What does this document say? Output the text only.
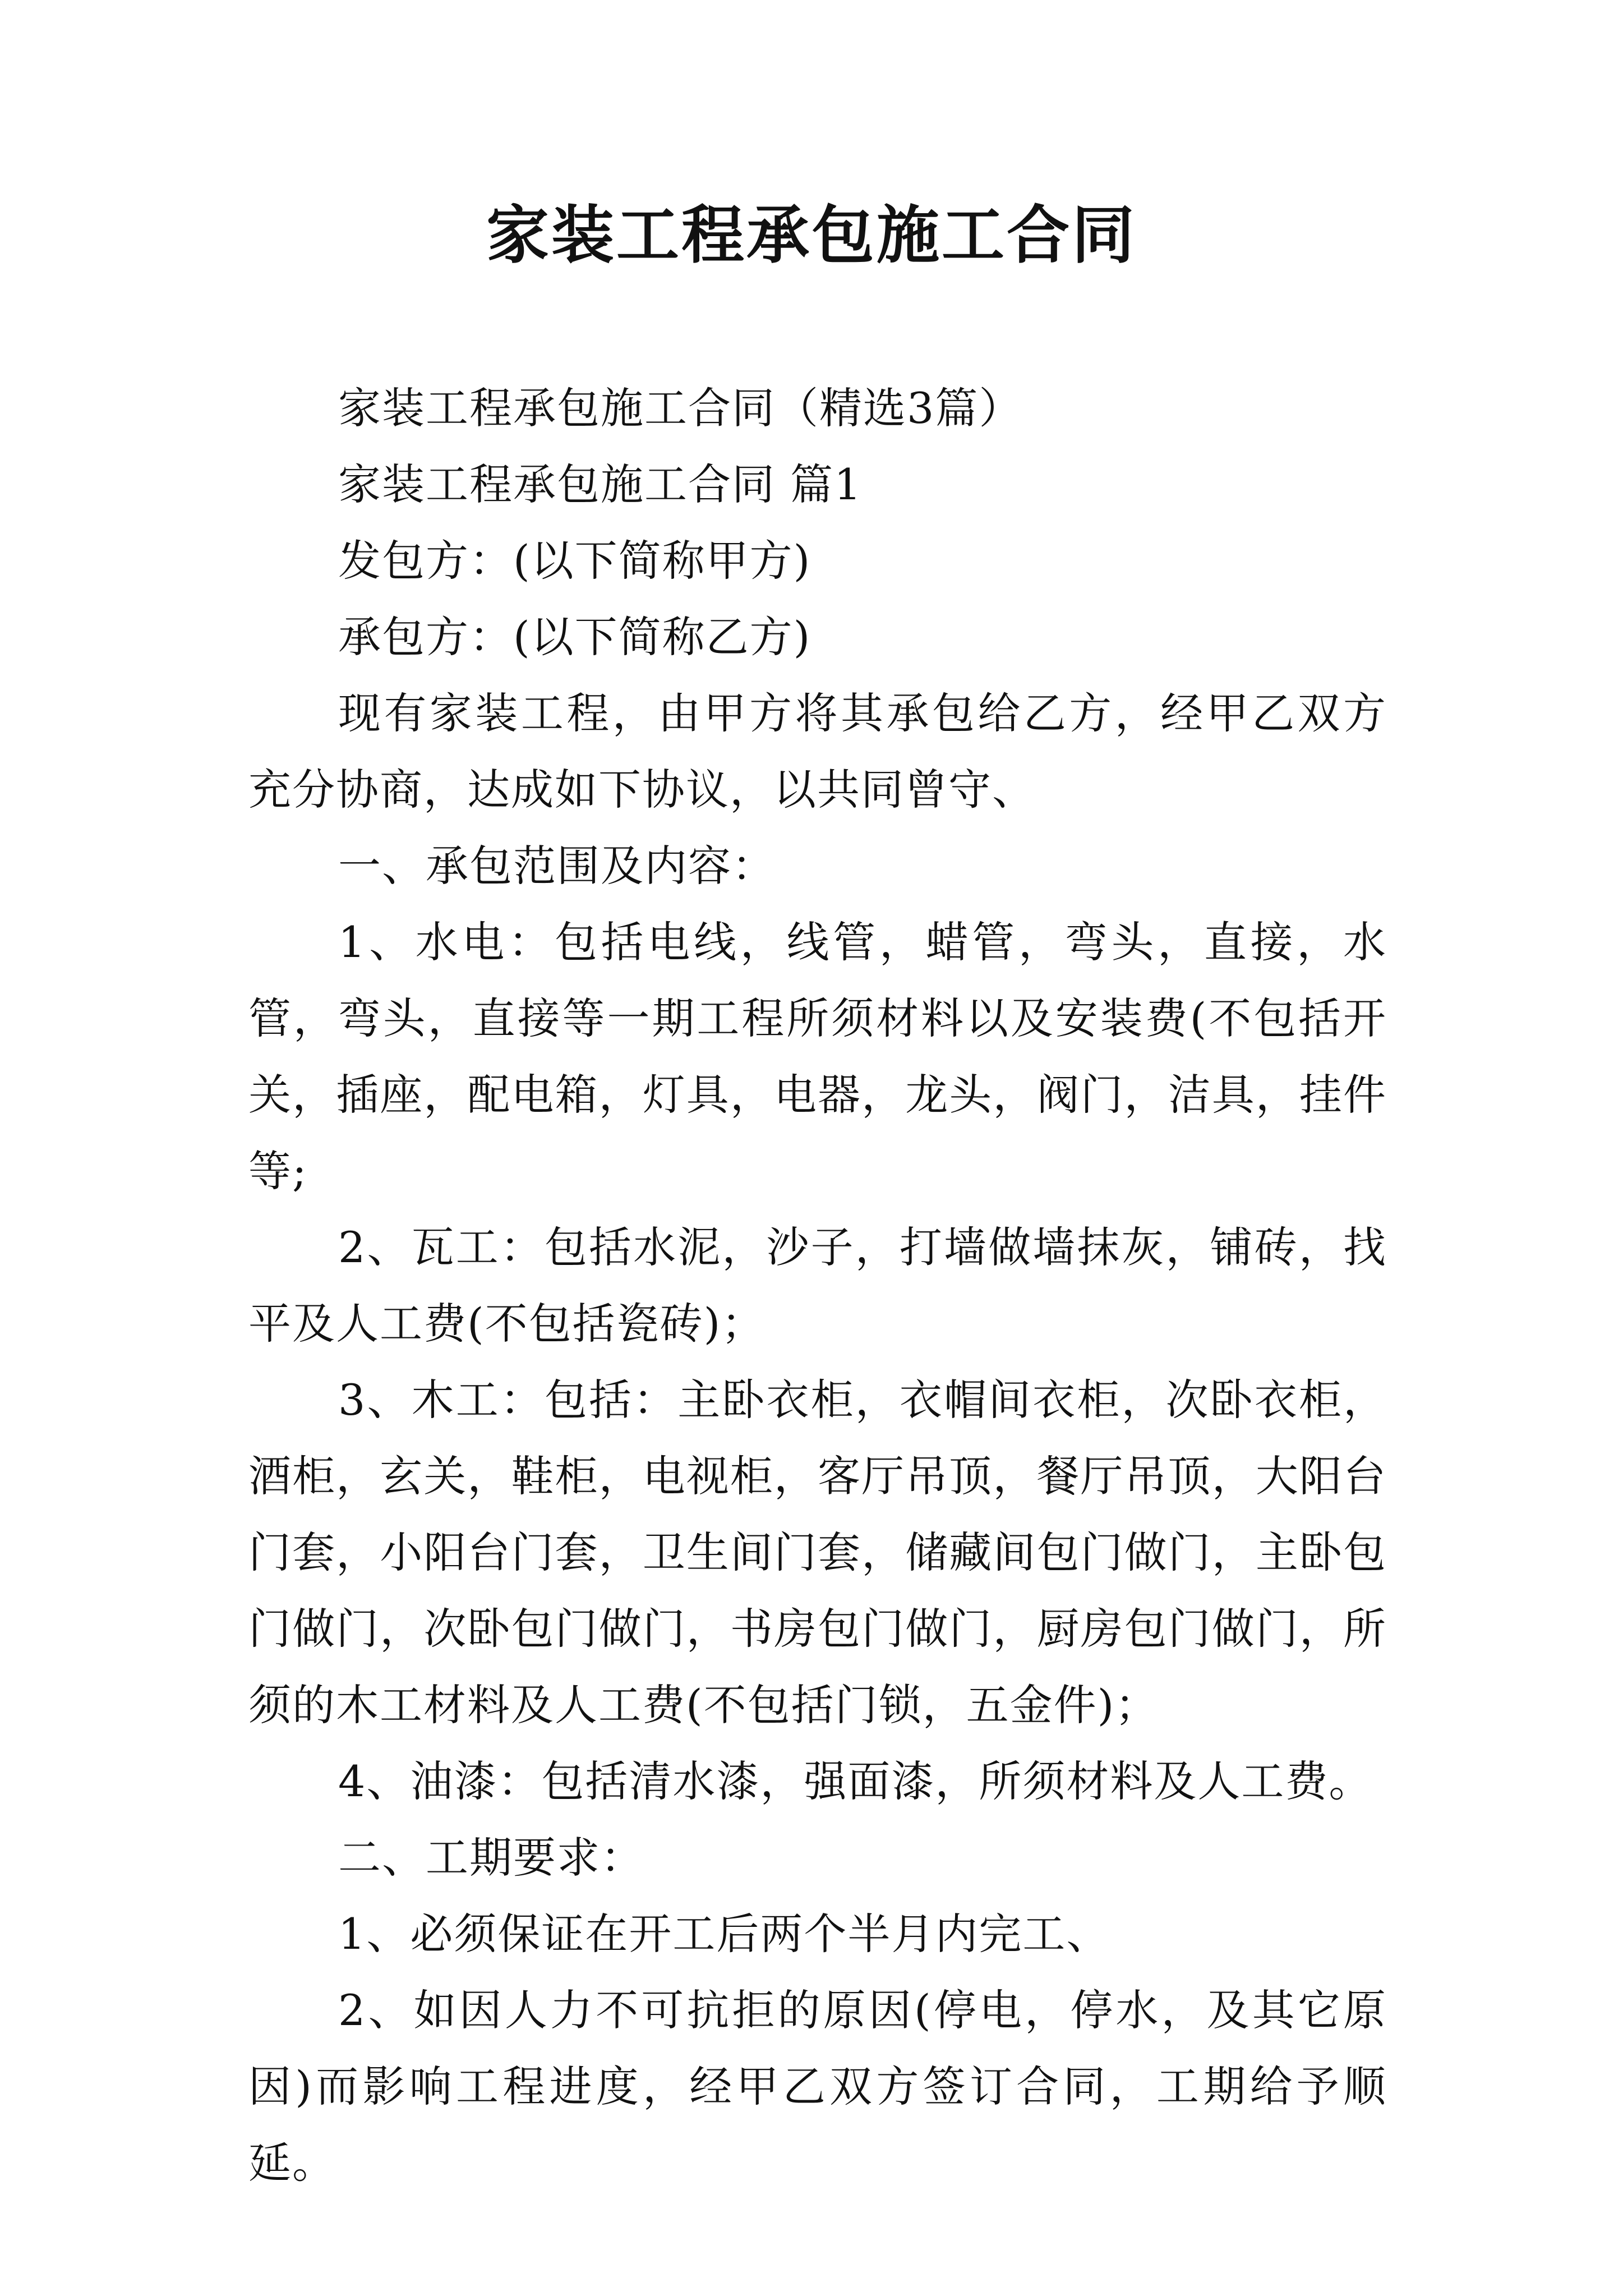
家装工程承包施工合同

家装工程承包施工合同（精选3篇）

家装工程承包施工合同 篇1

发包方：(以下简称甲方)

承包方：(以下简称乙方)

现有家装工程，由甲方将其承包给乙方，经甲乙双方充分协商，达成如下协议，以共同曾守、

一、承包范围及内容：

1、水电：包括电线，线管，蜡管，弯头，直接，水管，弯头，直接等一期工程所须材料以及安装费(不包括开关，插座，配电箱，灯具，电器，龙头，阀门，洁具，挂件等;

2、瓦工：包括水泥，沙子，打墙做墙抹灰，铺砖，找平及人工费(不包括瓷砖)；

3、木工：包括：主卧衣柜，衣帽间衣柜，次卧衣柜，酒柜，玄关，鞋柜，电视柜，客厅吊顶，餐厅吊顶，大阳台门套，小阳台门套，卫生间门套，储藏间包门做门，主卧包门做门，次卧包门做门，书房包门做门，厨房包门做门，所须的木工材料及人工费(不包括门锁，五金件)；

4、油漆：包括清水漆，强面漆，所须材料及人工费。

二、工期要求：

1、必须保证在开工后两个半月内完工、

2、如因人力不可抗拒的原因(停电，停水，及其它原因)而影响工程进度，经甲乙双方签订合同，工期给予顺延。
